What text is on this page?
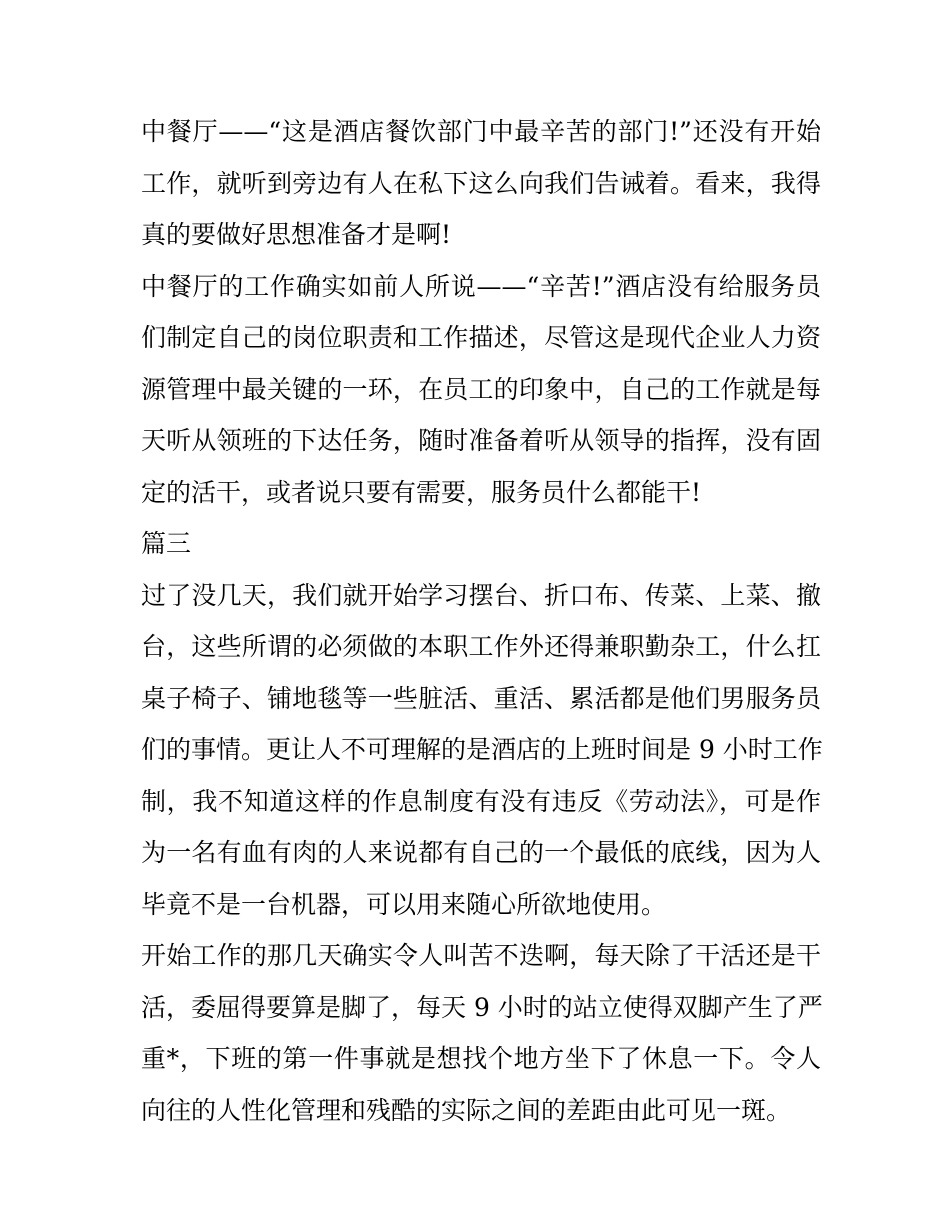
中餐厅——“这是酒店餐饮部门中最辛苦的部门!”还没有开始
工作，就听到旁边有人在私下这么向我们告诫着。看来，我得
真的要做好思想准备才是啊!
中餐厅的工作确实如前人所说——“辛苦!”酒店没有给服务员
们制定自己的岗位职责和工作描述，尽管这是现代企业人力资
源管理中最关键的一环，在员工的印象中，自己的工作就是每
天听从领班的下达任务，随时准备着听从领导的指挥，没有固
定的活干，或者说只要有需要，服务员什么都能干!
篇三
过了没几天，我们就开始学习摆台、折口布、传菜、上菜、撤
台，这些所谓的必须做的本职工作外还得兼职勤杂工，什么扛
桌子椅子、铺地毯等一些脏活、重活、累活都是他们男服务员
们的事情。更让人不可理解的是酒店的上班时间是 9 小时工作
制，我不知道这样的作息制度有没有违反《劳动法》，可是作
为一名有血有肉的人来说都有自己的一个最低的底线，因为人
毕竟不是一台机器，可以用来随心所欲地使用。
开始工作的那几天确实令人叫苦不迭啊，每天除了干活还是干
活，委屈得要算是脚了，每天 9 小时的站立使得双脚产生了严
重*，下班的第一件事就是想找个地方坐下了休息一下。令人
向往的人性化管理和残酷的实际之间的差距由此可见一斑。
